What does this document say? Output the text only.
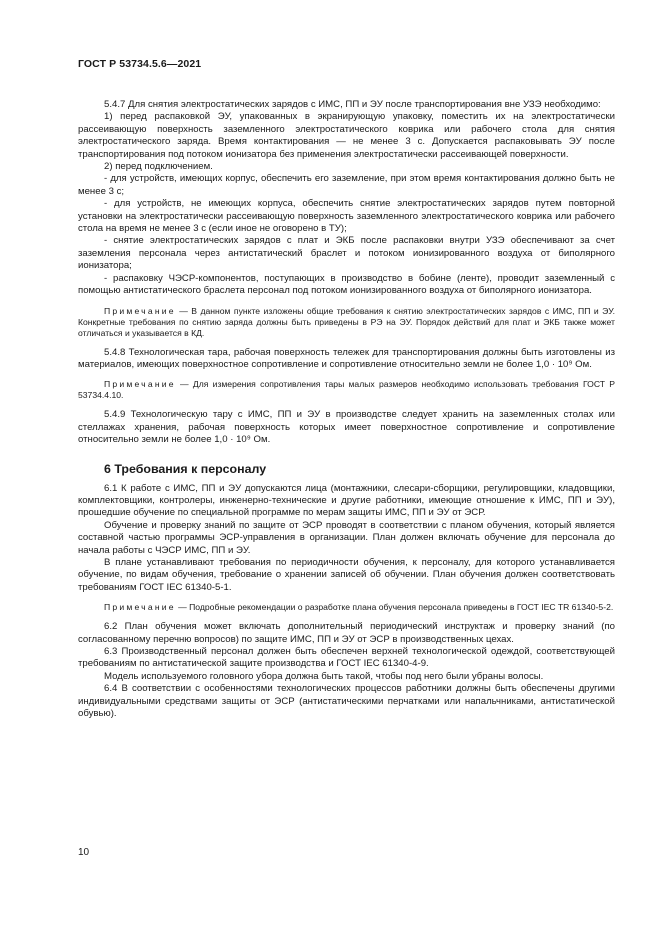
ГОСТ Р 53734.5.6—2021

5.4.7 Для снятия электростатических зарядов с ИМС, ПП и ЭУ после транспортирования вне УЗЭ необходимо:

1) перед распаковкой ЭУ, упакованных в экранирующую упаковку, поместить их на электростатически рассеивающую поверхность заземленного электростатического коврика или рабочего стола для снятия электростатического заряда. Время контактирования — не менее 3 с. Допускается распаковывать ЭУ после транспортирования под потоком ионизатора без применения электростатически рассеивающей поверхности.

2) перед подключением.

- для устройств, имеющих корпус, обеспечить его заземление, при этом время контактирования должно быть не менее 3 с;

- для устройств, не имеющих корпуса, обеспечить снятие электростатических зарядов путем повторной установки на электростатически рассеивающую поверхность заземленного электростатического коврика или рабочего стола на время не менее 3 с (если иное не оговорено в ТУ);

- снятие электростатических зарядов с плат и ЭКБ после распаковки внутри УЗЭ обеспечивают за счет заземления персонала через антистатический браслет и потоком ионизированного воздуха от биполярного ионизатора;

- распаковку ЧЭСР-компонентов, поступающих в производство в бобине (ленте), проводит заземленный с помощью антистатического браслета персонал под потоком ионизированного воздуха от биполярного ионизатора.

Примечание — В данном пункте изложены общие требования к снятию электростатических зарядов с ИМС, ПП и ЭУ. Конкретные требования по снятию заряда должны быть приведены в РЭ на ЭУ. Порядок действий для плат и ЭКБ также может отличаться и указывается в КД.

5.4.8 Технологическая тара, рабочая поверхность тележек для транспортирования должны быть изготовлены из материалов, имеющих поверхностное сопротивление и сопротивление относительно земли не более 1,0 · 10⁹ Ом.

Примечание — Для измерения сопротивления тары малых размеров необходимо использовать требования ГОСТ Р 53734.4.10.

5.4.9 Технологическую тару с ИМС, ПП и ЭУ в производстве следует хранить на заземленных столах или стеллажах хранения, рабочая поверхность которых имеет поверхностное сопротивление и сопротивление относительно земли не более 1,0 · 10⁹ Ом.

6 Требования к персоналу

6.1 К работе с ИМС, ПП и ЭУ допускаются лица (монтажники, слесари-сборщики, регулировщики, кладовщики, комплектовщики, контролеры, инженерно-технические и другие работники, имеющие отношение к ИМС, ПП и ЭУ), прошедшие обучение по специальной программе по мерам защиты ИМС, ПП и ЭУ от ЭСР.

Обучение и проверку знаний по защите от ЭСР проводят в соответствии с планом обучения, который является составной частью программы ЭСР-управления в организации. План должен включать обучение для персонала до начала работы с ЧЭСР ИМС, ПП и ЭУ.

В плане устанавливают требования по периодичности обучения, к персоналу, для которого устанавливается обучение, по видам обучения, требование о хранении записей об обучении. План обучения должен соответствовать требованиям ГОСТ IEC 61340-5-1.

Примечание — Подробные рекомендации о разработке плана обучения персонала приведены в ГОСТ IEC TR 61340-5-2.

6.2 План обучения может включать дополнительный периодический инструктаж и проверку знаний (по согласованному перечню вопросов) по защите ИМС, ПП и ЭУ от ЭСР в производственных цехах.

6.3 Производственный персонал должен быть обеспечен верхней технологической одеждой, соответствующей требованиям по антистатической защите производства и ГОСТ IEC 61340-4-9.

Модель используемого головного убора должна быть такой, чтобы под него были убраны волосы.

6.4 В соответствии с особенностями технологических процессов работники должны быть обеспечены другими индивидуальными средствами защиты от ЭСР (антистатическими перчатками или напальчниками, антистатической обувью).

10
